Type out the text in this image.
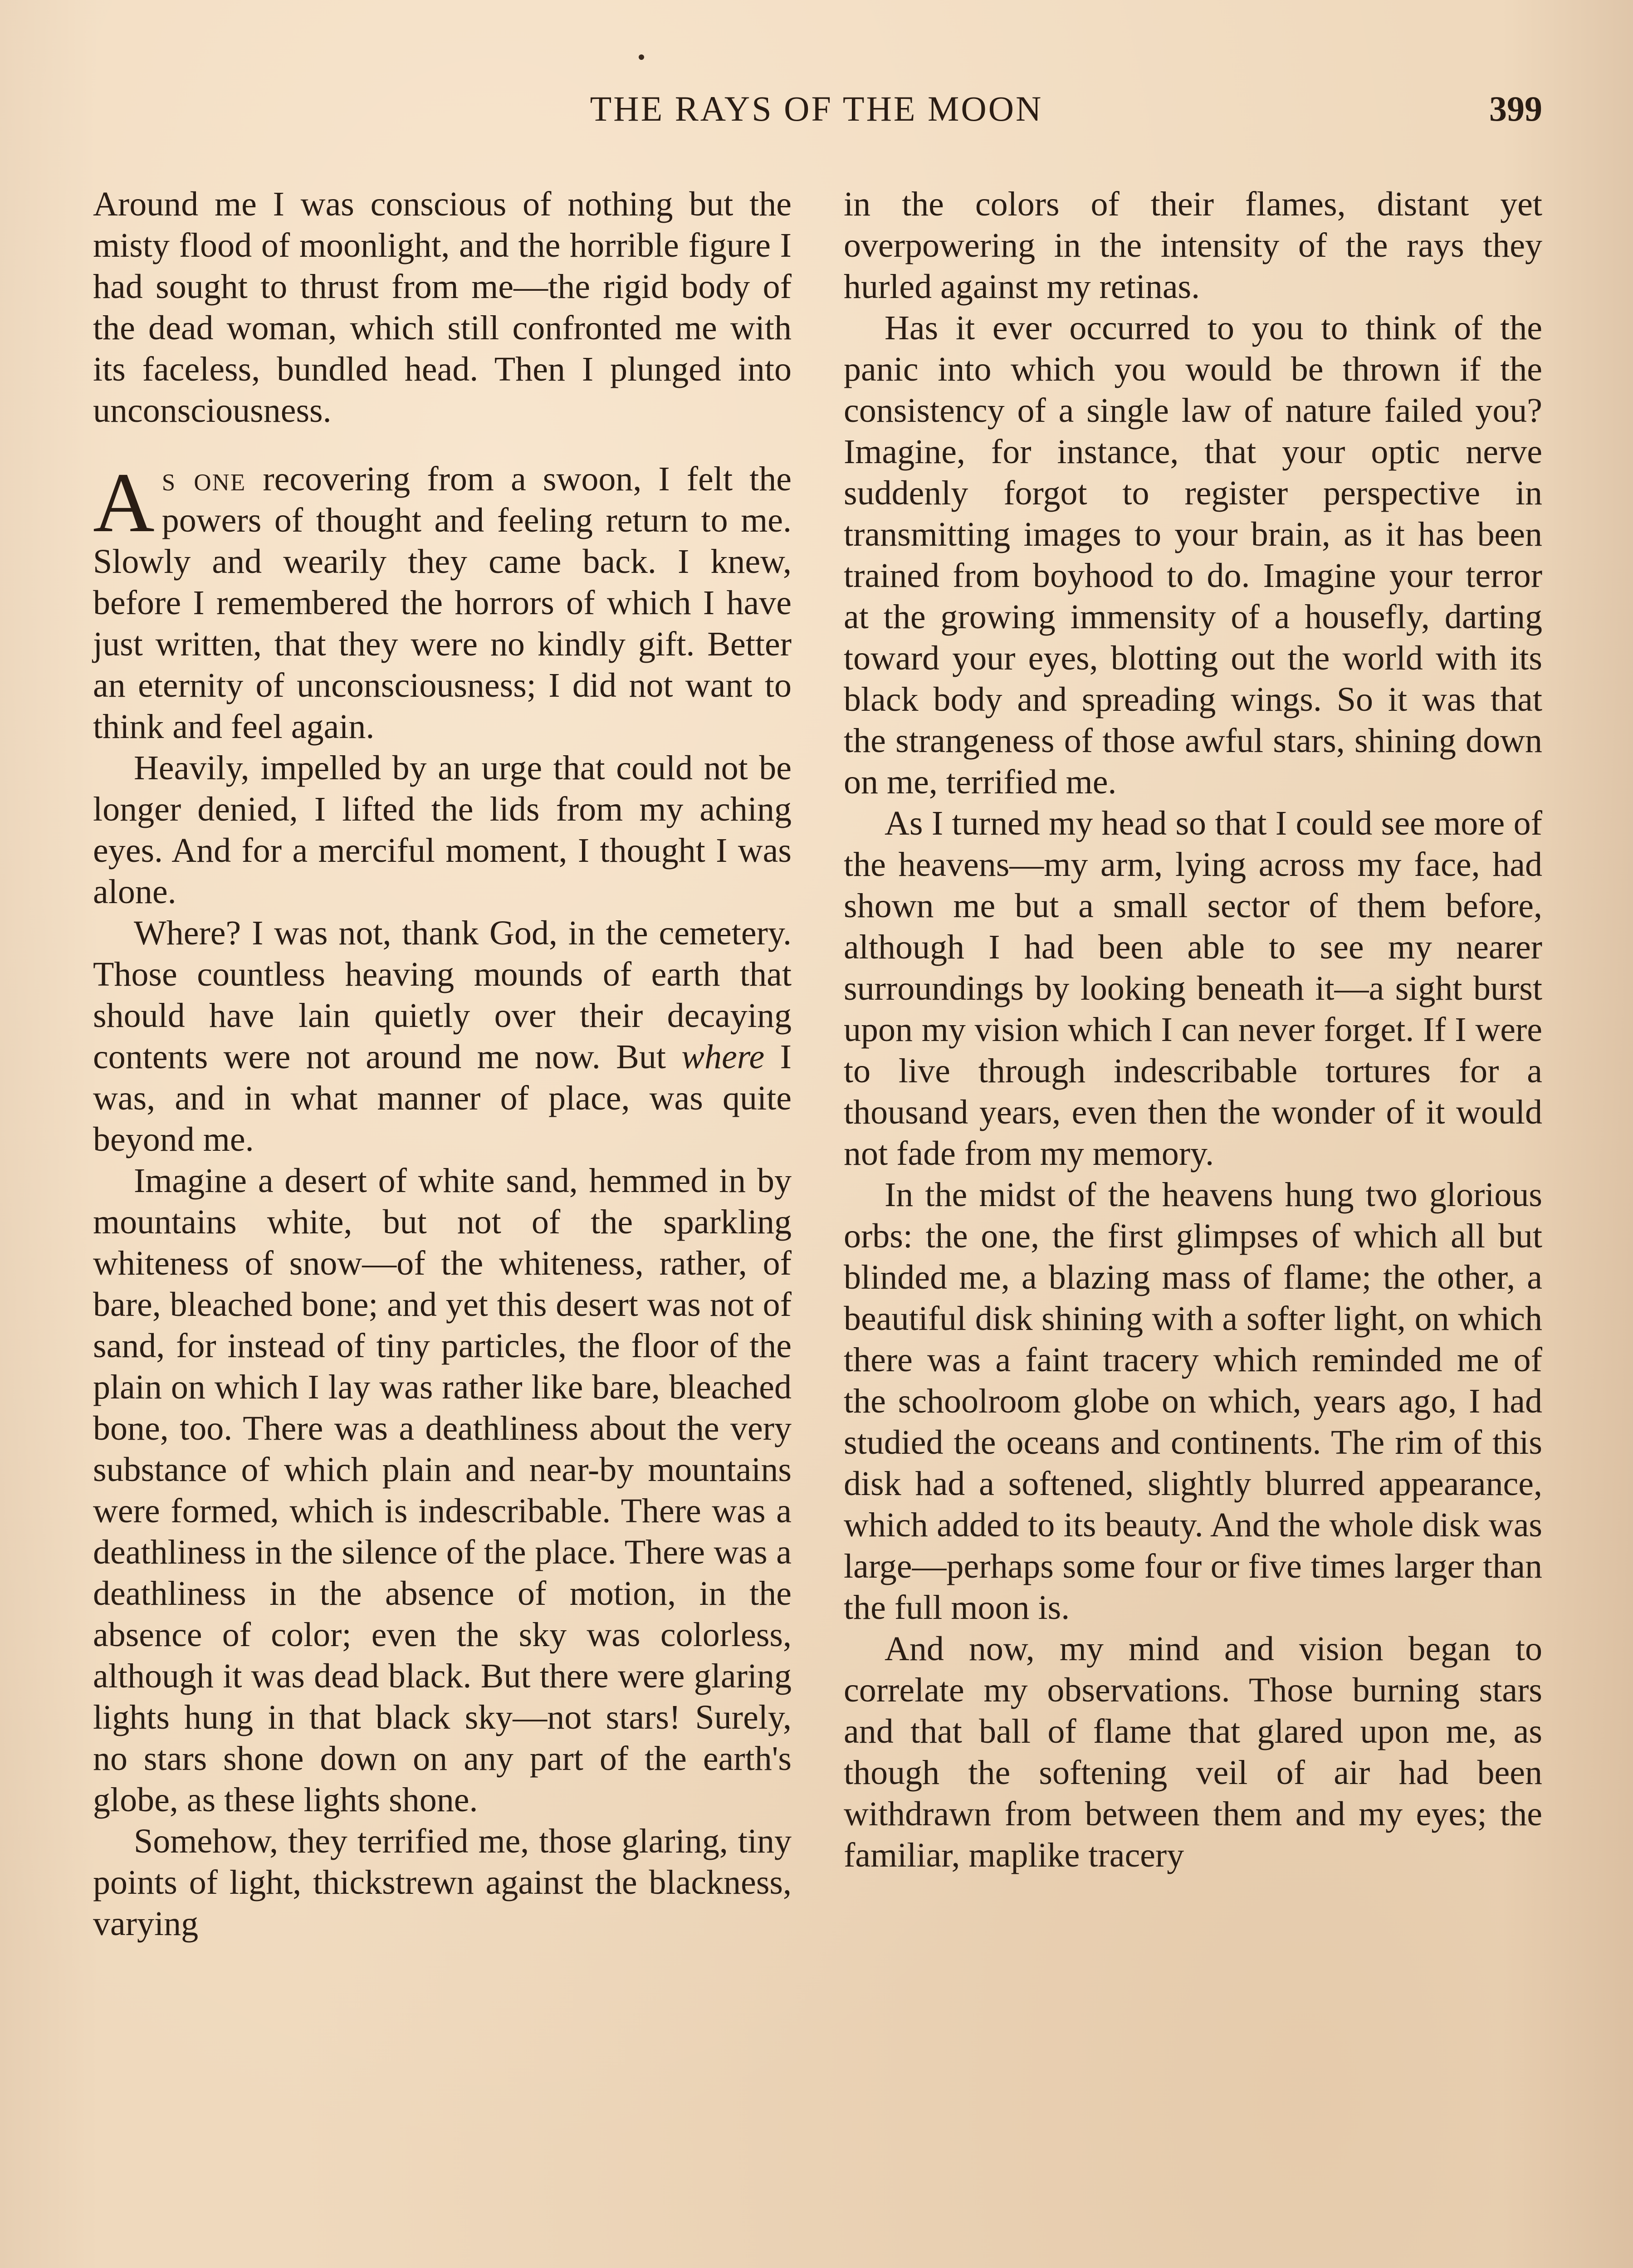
THE RAYS OF THE MOON	399

Around me I was conscious of nothing but the misty flood of moonlight, and the horrible figure I had sought to thrust from me—the rigid body of the dead woman, which still confronted me with its faceless, bundled head. Then I plunged into unconsciousness.

As one recovering from a swoon, I felt the powers of thought and feeling return to me. Slowly and wearily they came back. I knew, before I remembered the horrors of which I have just written, that they were no kindly gift. Better an eternity of unconsciousness; I did not want to think and feel again.

Heavily, impelled by an urge that could not be longer denied, I lifted the lids from my aching eyes. And for a merciful moment, I thought I was alone.

Where? I was not, thank God, in the cemetery. Those countless heaving mounds of earth that should have lain quietly over their decaying contents were not around me now. But where I was, and in what manner of place, was quite beyond me.

Imagine a desert of white sand, hemmed in by mountains white, but not of the sparkling whiteness of snow—of the whiteness, rather, of bare, bleached bone; and yet this desert was not of sand, for instead of tiny particles, the floor of the plain on which I lay was rather like bare, bleached bone, too. There was a deathliness about the very substance of which plain and near-by mountains were formed, which is indescribable. There was a deathliness in the silence of the place. There was a deathliness in the absence of motion, in the absence of color; even the sky was colorless, although it was dead black. But there were glaring lights hung in that black sky—not stars! Surely, no stars shone down on any part of the earth's globe, as these lights shone.

Somehow, they terrified me, those glaring, tiny points of light, thickstrewn against the blackness, varying

in the colors of their flames, distant yet overpowering in the intensity of the rays they hurled against my retinas.

Has it ever occurred to you to think of the panic into which you would be thrown if the consistency of a single law of nature failed you? Imagine, for instance, that your optic nerve suddenly forgot to register perspective in transmitting images to your brain, as it has been trained from boyhood to do. Imagine your terror at the growing immensity of a housefly, darting toward your eyes, blotting out the world with its black body and spreading wings. So it was that the strangeness of those awful stars, shining down on me, terrified me.

As I turned my head so that I could see more of the heavens—my arm, lying across my face, had shown me but a small sector of them before, although I had been able to see my nearer surroundings by looking beneath it—a sight burst upon my vision which I can never forget. If I were to live through indescribable tortures for a thousand years, even then the wonder of it would not fade from my memory.

In the midst of the heavens hung two glorious orbs: the one, the first glimpses of which all but blinded me, a blazing mass of flame; the other, a beautiful disk shining with a softer light, on which there was a faint tracery which reminded me of the schoolroom globe on which, years ago, I had studied the oceans and continents. The rim of this disk had a softened, slightly blurred appearance, which added to its beauty. And the whole disk was large—perhaps some four or five times larger than the full moon is.

And now, my mind and vision began to correlate my observations. Those burning stars and that ball of flame that glared upon me, as though the softening veil of air had been withdrawn from between them and my eyes; the familiar, maplike tracery
